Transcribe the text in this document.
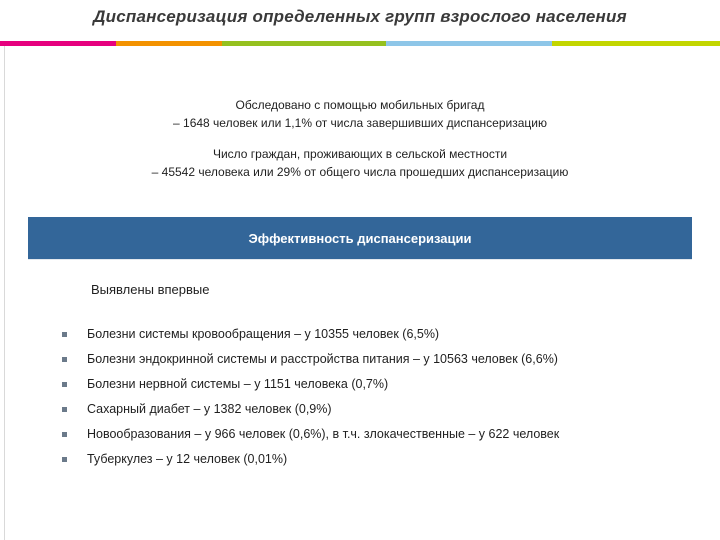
Диспансеризация определенных групп взрослого населения
Обследовано с помощью мобильных бригад
– 1648 человек или 1,1% от числа завершивших диспансеризацию
Число граждан, проживающих в сельской местности
– 45542 человека или 29% от общего числа прошедших диспансеризацию
Эффективность диспансеризации
Выявлены впервые
Болезни системы кровообращения – у 10355 человек (6,5%)
Болезни эндокринной системы и расстройства питания – у 10563 человек (6,6%)
Болезни нервной системы – у 1151 человека (0,7%)
Сахарный диабет – у 1382 человек (0,9%)
Новообразования – у 966 человек (0,6%), в т.ч. злокачественные – у 622 человек
Туберкулез – у 12 человек (0,01%)
